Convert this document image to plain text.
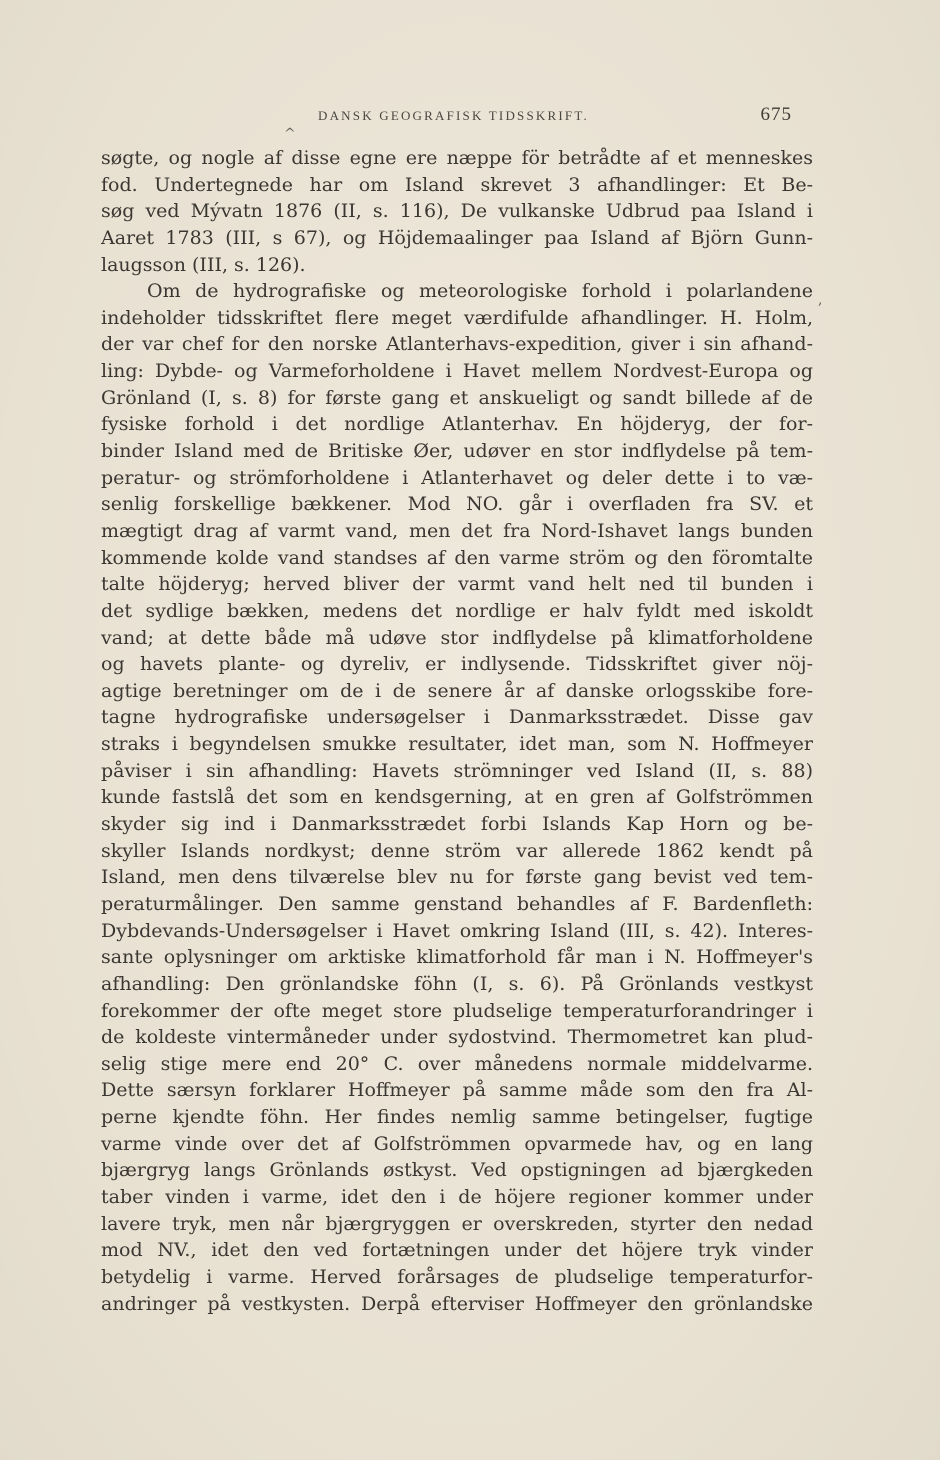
DANSK GEOGRAFISK TIDSSKRIFT.	675
^
,
søgte, og nogle af disse egne ere næppe för betrådte af et menneskes
fod. Undertegnede har om Island skrevet 3 afhandlinger: Et Be-
søg ved Mývatn 1876 (II, s. 116), De vulkanske Udbrud paa Island i
Aaret 1783 (III, s 67), og Höjdemaalinger paa Island af Björn Gunn-
laugsson (III, s. 126).
Om de hydrografiske og meteorologiske forhold i polarlandene
indeholder tidsskriftet flere meget værdifulde afhandlinger. H. Holm,
der var chef for den norske Atlanterhavs-expedition, giver i sin afhand-
ling: Dybde- og Varmeforholdene i Havet mellem Nordvest-Europa og
Grönland (I, s. 8) for første gang et anskueligt og sandt billede af de
fysiske forhold i det nordlige Atlanterhav. En höjderyg, der for-
binder Island med de Britiske Øer, udøver en stor indflydelse på tem-
peratur- og strömforholdene i Atlanterhavet og deler dette i to væ-
senlig forskellige bækkener. Mod NO. går i overfladen fra SV. et
mægtigt drag af varmt vand, men det fra Nord-Ishavet langs bunden
kommende kolde vand standses af den varme ström og den föromtalte
talte höjderyg; herved bliver der varmt vand helt ned til bunden i
det sydlige bækken, medens det nordlige er halv fyldt med iskoldt
vand; at dette både må udøve stor indflydelse på klimatforholdene
og havets plante- og dyreliv, er indlysende. Tidsskriftet giver nöj-
agtige beretninger om de i de senere år af danske orlogsskibe fore-
tagne hydrografiske undersøgelser i Danmarksstrædet. Disse gav
straks i begyndelsen smukke resultater, idet man, som N. Hoffmeyer
påviser i sin afhandling: Havets strömninger ved Island (II, s. 88)
kunde fastslå det som en kendsgerning, at en gren af Golfströmmen
skyder sig ind i Danmarksstrædet forbi Islands Kap Horn og be-
skyller Islands nordkyst; denne ström var allerede 1862 kendt på
Island, men dens tilværelse blev nu for første gang bevist ved tem-
peraturmålinger. Den samme genstand behandles af F. Bardenfleth:
Dybdevands-Undersøgelser i Havet omkring Island (III, s. 42). Interes-
sante oplysninger om arktiske klimatforhold får man i N. Hoffmeyer's
afhandling: Den grönlandske föhn (I, s. 6). På Grönlands vestkyst
forekommer der ofte meget store pludselige temperaturforandringer i
de koldeste vintermåneder under sydostvind. Thermometret kan plud-
selig stige mere end 20° C. over månedens normale middelvarme.
Dette særsyn forklarer Hoffmeyer på samme måde som den fra Al-
perne kjendte föhn. Her findes nemlig samme betingelser, fugtige
varme vinde over det af Golfströmmen opvarmede hav, og en lang
bjærgryg langs Grönlands østkyst. Ved opstigningen ad bjærgkeden
taber vinden i varme, idet den i de höjere regioner kommer under
lavere tryk, men når bjærgryggen er overskreden, styrter den nedad
mod NV., idet den ved fortætningen under det höjere tryk vinder
betydelig i varme. Herved forårsages de pludselige temperaturfor-
andringer på vestkysten. Derpå efterviser Hoffmeyer den grönlandske
